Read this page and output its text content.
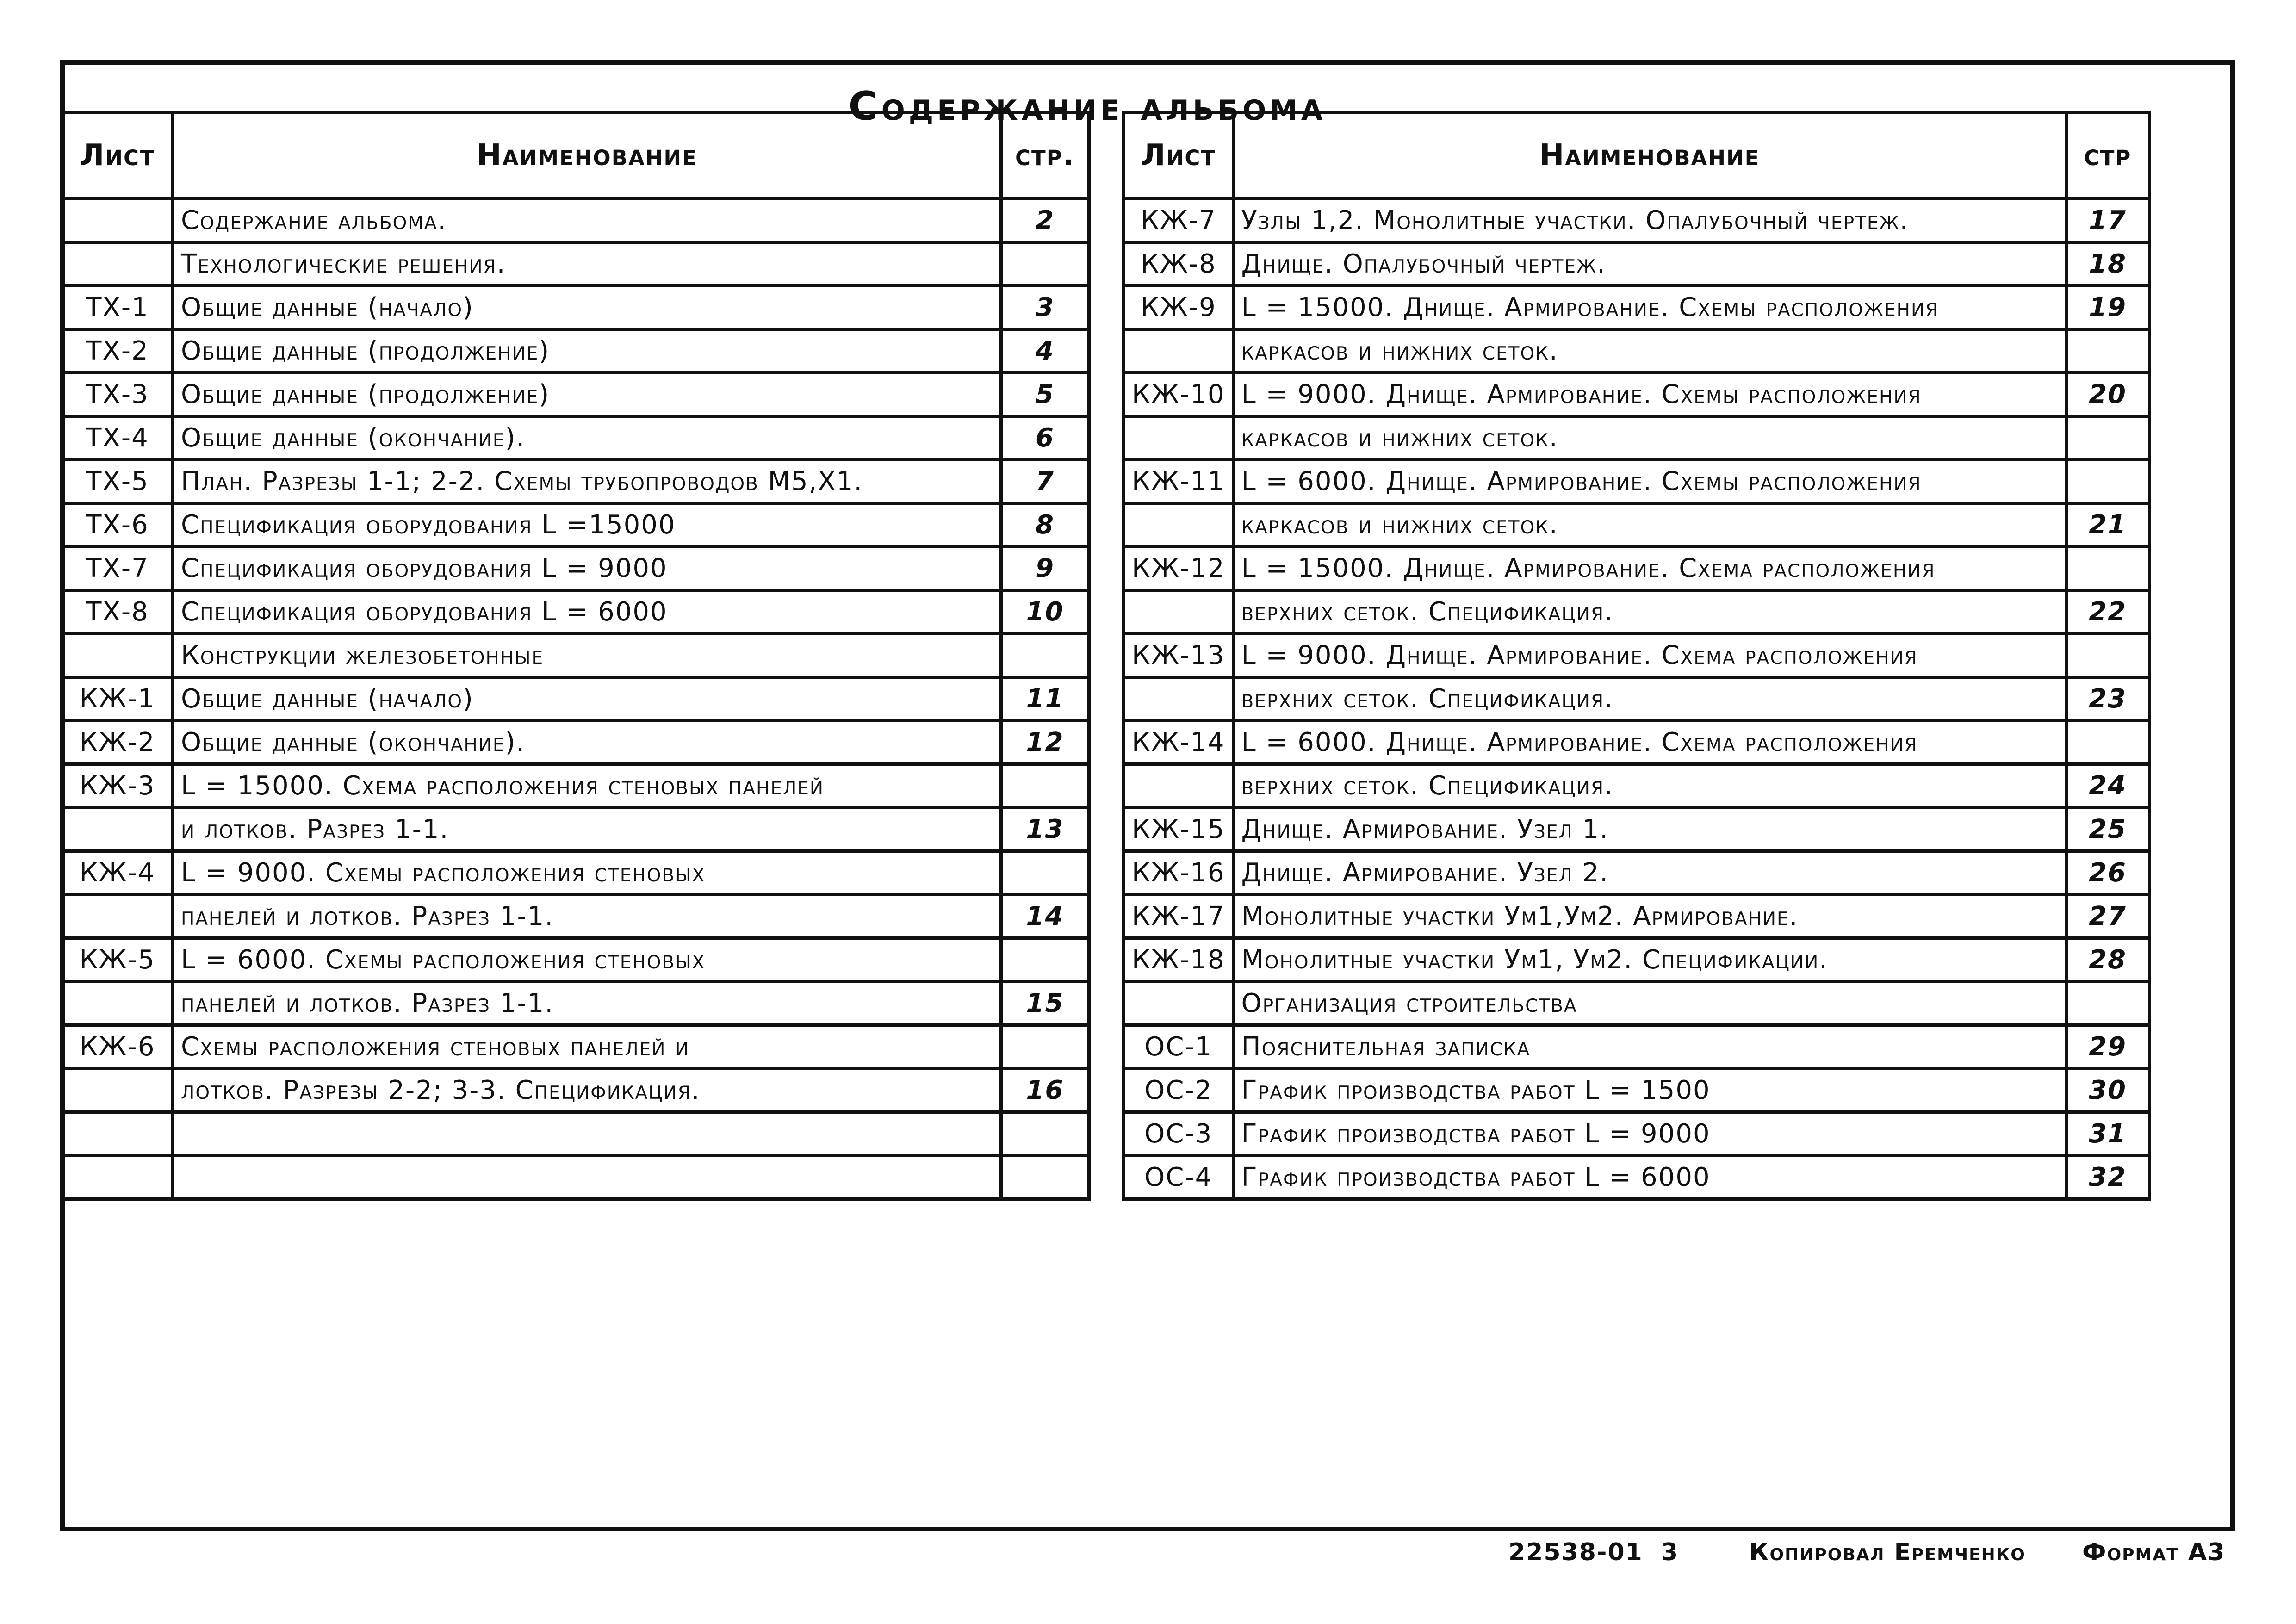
Содержание альбома
Лист	Наименование	стр.
	Содержание альбома.	2
	Технологические решения.	
ТХ-1	Общие данные (начало)	3
ТХ-2	Общие данные (продолжение)	4
ТХ-3	Общие данные (продолжение)	5
ТХ-4	Общие данные (окончание).	6
ТХ-5	План. Разрезы 1-1; 2-2. Схемы трубопроводов М5,Х1.	7
ТХ-6	Спецификация оборудования L =15000	8
ТХ-7	Спецификация оборудования L = 9000	9
ТХ-8	Спецификация оборудования L = 6000	10
	Конструкции железобетонные	
КЖ-1	Общие данные (начало)	11
КЖ-2	Общие данные (окончание).	12
КЖ-3	L = 15000. Схема расположения стеновых панелей	
	и лотков. Разрез 1-1.	13
КЖ-4	L = 9000. Схемы расположения стеновых	
	панелей и лотков. Разрез 1-1.	14
КЖ-5	L = 6000. Схемы расположения стеновых	
	панелей и лотков. Разрез 1-1.	15
КЖ-6	Схемы расположения стеновых панелей и	
	лотков. Разрезы 2-2; 3-3. Спецификация.	16

Лист	Наименование	стр
КЖ-7	Узлы 1,2. Монолитные участки. Опалубочный чертеж.	17
КЖ-8	Днище. Опалубочный чертеж.	18
КЖ-9	L = 15000. Днище. Армирование. Схемы расположения	19
	каркасов и нижних сеток.	
КЖ-10	L = 9000. Днище. Армирование. Схемы расположения	20
	каркасов и нижних сеток.	
КЖ-11	L = 6000. Днище. Армирование. Схемы расположения	
	каркасов и нижних сеток.	21
КЖ-12	L = 15000. Днище. Армирование. Схема расположения	
	верхних сеток. Спецификация.	22
КЖ-13	L = 9000. Днище. Армирование. Схема расположения	
	верхних сеток. Спецификация.	23
КЖ-14	L = 6000. Днище. Армирование. Схема расположения	
	верхних сеток. Спецификация.	24
КЖ-15	Днище. Армирование. Узел 1.	25
КЖ-16	Днище. Армирование. Узел 2.	26
КЖ-17	Монолитные участки Ум1,Ум2. Армирование.	27
КЖ-18	Монолитные участки Ум1, Ум2. Спецификации.	28
	Организация строительства	
ОС-1	Пояснительная записка	29
ОС-2	График производства работ L = 1500	30
ОС-3	График производства работ L = 9000	31
ОС-4	График производства работ L = 6000	32
22538-01 3	Копировал Еремченко Формат А3
